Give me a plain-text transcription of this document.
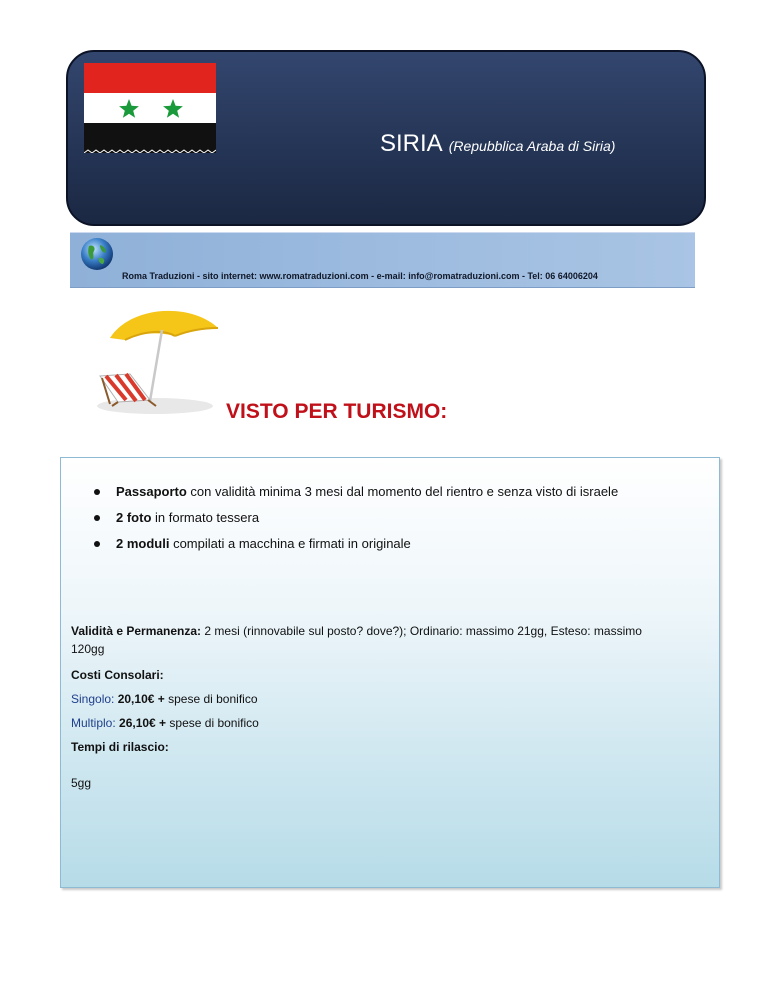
SIRIA (Repubblica Araba di Siria)
Roma Traduzioni - sito internet: www.romatraduzioni.com - e-mail: info@romatraduzioni.com - Tel: 06 64006204
VISTO PER TURISMO:
Passaporto con validità minima 3 mesi dal momento del rientro e senza visto di israele
2 foto in formato tessera
2 moduli compilati a macchina e firmati in originale
Validità e Permanenza: 2 mesi (rinnovabile sul posto? dove?); Ordinario: massimo 21gg, Esteso: massimo
120gg
Costi Consolari:
Singolo: 20,10€ + spese di bonifico
Multiplo: 26,10€ + spese di bonifico
Tempi di rilascio:
5gg
